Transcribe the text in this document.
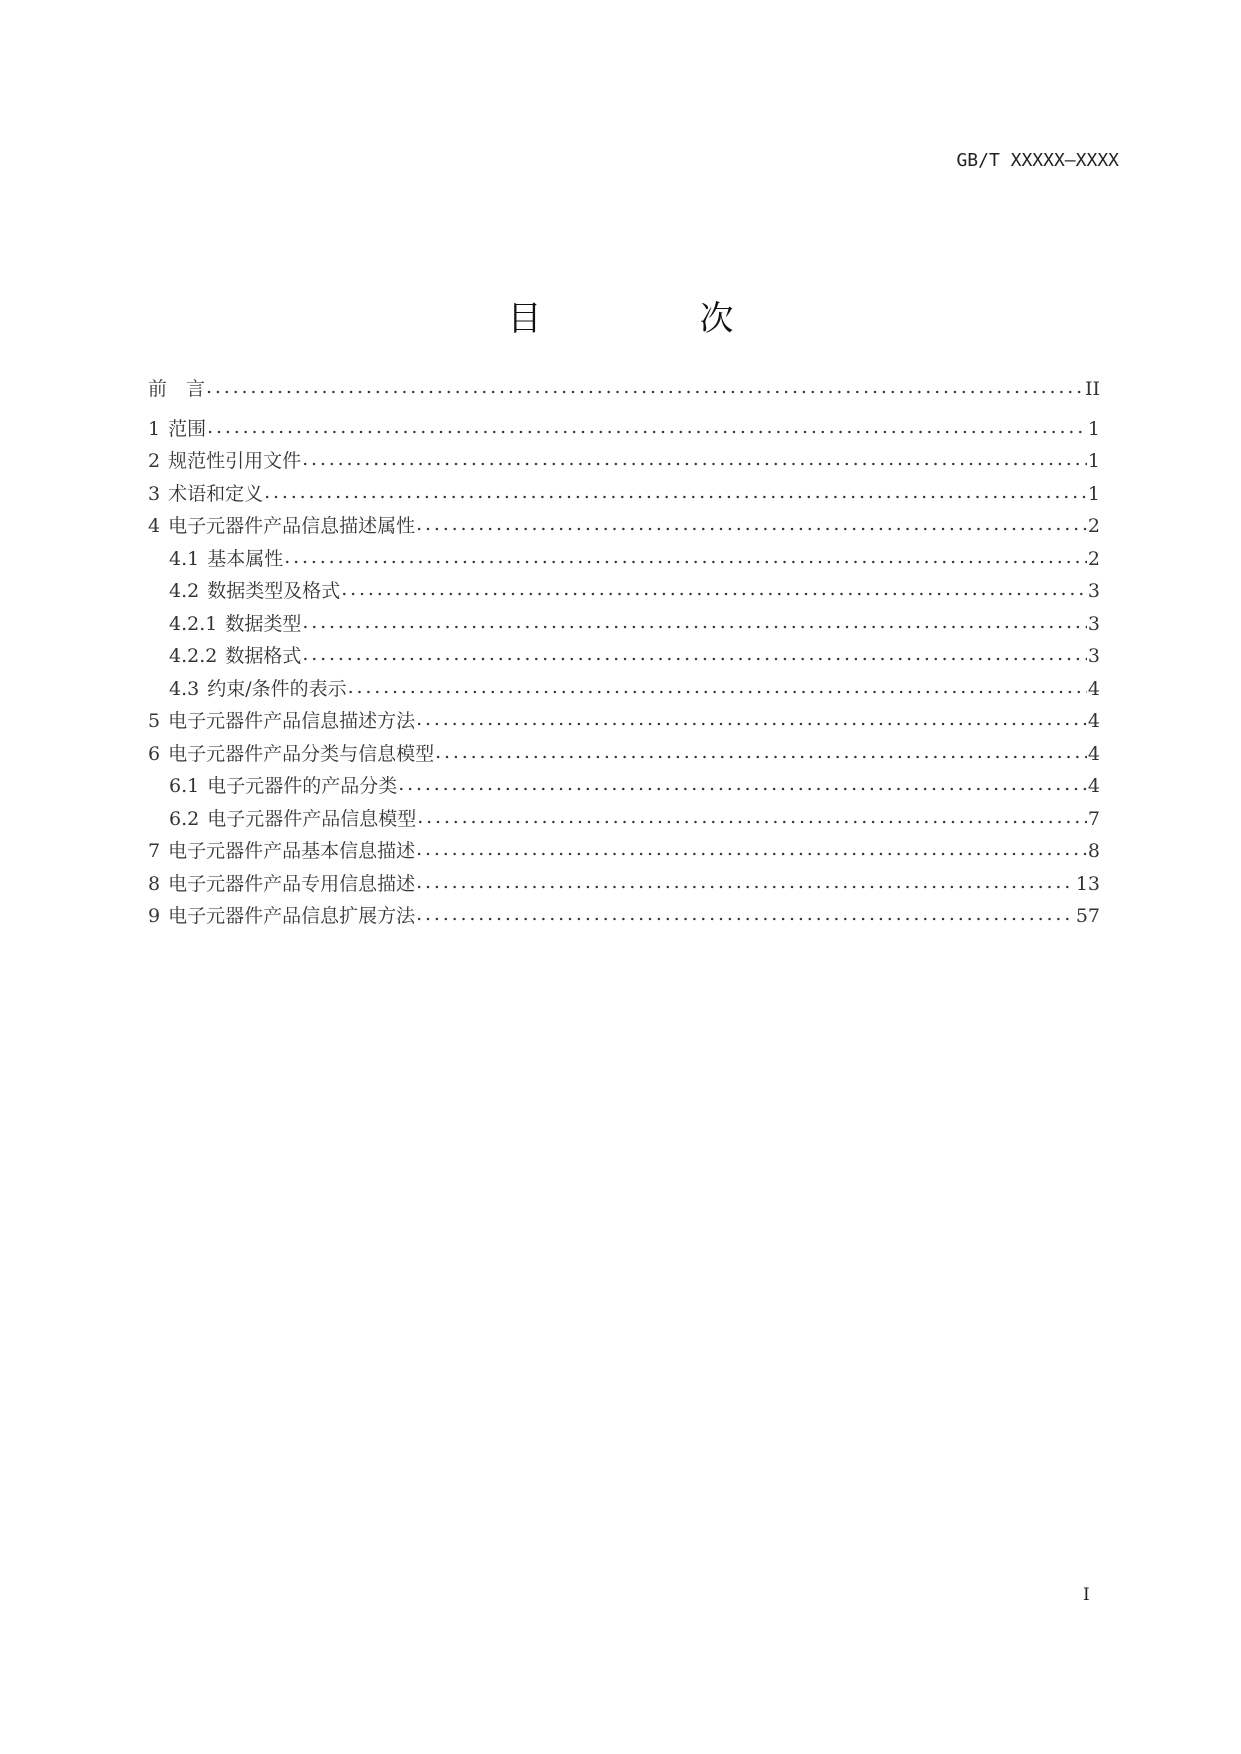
GB/T XXXXX—XXXX
目　次
前　言 . . .	II
1 范围 . . .	1
2 规范性引用文件 . . .	1
3 术语和定义 . . .	1
4 电子元器件产品信息描述属性 . . .	2
4.1 基本属性 . . .	2
4.2 数据类型及格式 . . .	3
4.2.1 数据类型 . . .	3
4.2.2 数据格式 . . .	3
4.3 约束/条件的表示 . . .	4
5 电子元器件产品信息描述方法 . . .	4
6 电子元器件产品分类与信息模型 . . .	4
6.1 电子元器件的产品分类 . . .	4
6.2 电子元器件产品信息模型 . . .	7
7 电子元器件产品基本信息描述 . . .	8
8 电子元器件产品专用信息描述 . . .	13
9 电子元器件产品信息扩展方法 . . .	57
I
